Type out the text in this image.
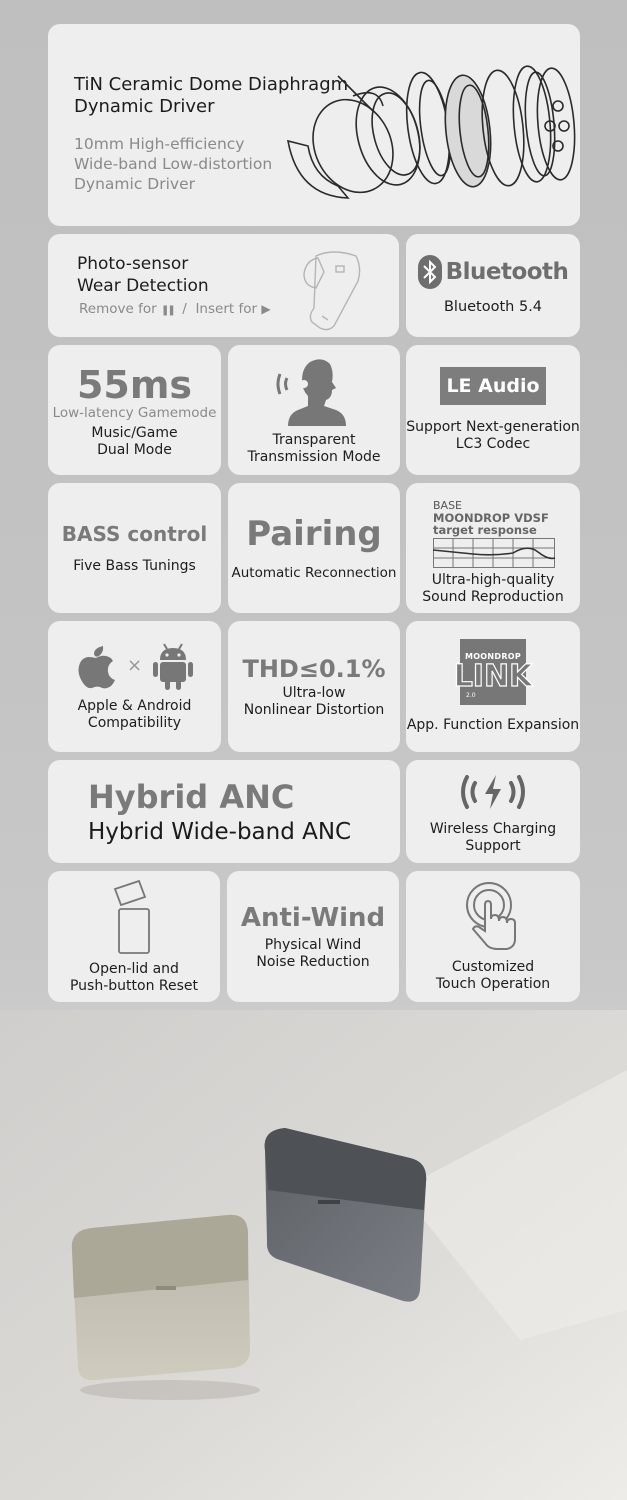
TiN Ceramic Dome Diaphragm
Dynamic Driver
10mm High-efficiency
Wide-band Low-distortion
Dynamic Driver
Photo-sensor
Wear Detection
Remove for ❚❚ / Insert for ▶
Bluetooth
Bluetooth 5.4
55ms
Low-latency Gamemode
Music/Game
Dual Mode
Transparent
Transmission Mode
LE Audio
Support Next-generation
LC3 Codec
BASS control
Five Bass Tunings
Pairing
Automatic Reconnection
BASE
MOONDROP VDSF
target response
Ultra-high-quality
Sound Reproduction
×
Apple & Android
Compatibility
THD≤0.1%
Ultra-low
Nonlinear Distortion
MOONDROP
LINK
2.0
App. Function Expansion
Hybrid ANC
Hybrid Wide-band ANC	Wireless Charging
Support
Open-lid and
Push-button Reset
Anti-Wind
Physical Wind
Noise Reduction	Customized
Touch Operation
